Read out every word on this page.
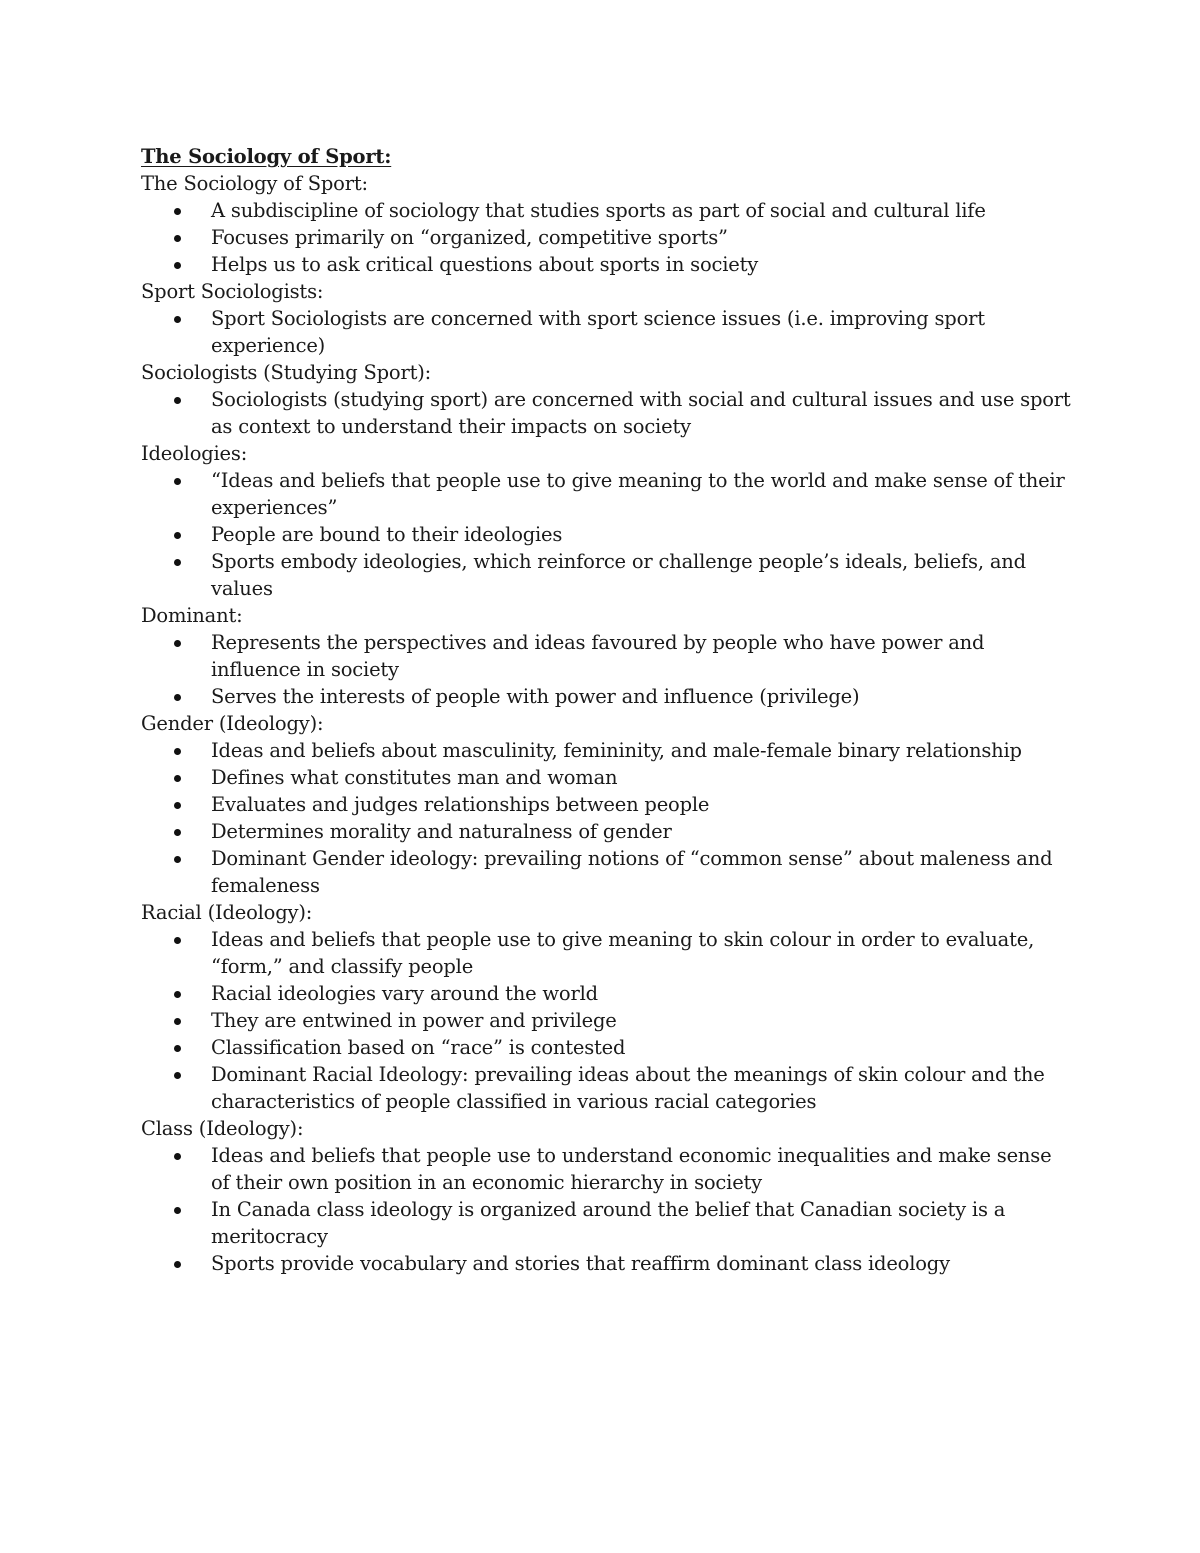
The Sociology of Sport:

The Sociology of Sport:

A subdiscipline of sociology that studies sports as part of social and cultural life
Focuses primarily on “organized, competitive sports”
Helps us to ask critical questions about sports in society

Sport Sociologists:

Sport Sociologists are concerned with sport science issues (i.e. improving sport experience)

Sociologists (Studying Sport):

Sociologists (studying sport) are concerned with social and cultural issues and use sport as context to understand their impacts on society

Ideologies:

“Ideas and beliefs that people use to give meaning to the world and make sense of their experiences”
People are bound to their ideologies
Sports embody ideologies, which reinforce or challenge people’s ideals, beliefs, and values

Dominant:

Represents the perspectives and ideas favoured by people who have power and influence in society
Serves the interests of people with power and influence (privilege)

Gender (Ideology):

Ideas and beliefs about masculinity, femininity, and male-female binary relationship
Defines what constitutes man and woman
Evaluates and judges relationships between people
Determines morality and naturalness of gender
Dominant Gender ideology: prevailing notions of “common sense” about maleness and femaleness

Racial (Ideology):

Ideas and beliefs that people use to give meaning to skin colour in order to evaluate, “form,” and classify people
Racial ideologies vary around the world
They are entwined in power and privilege
Classification based on “race” is contested
Dominant Racial Ideology: prevailing ideas about the meanings of skin colour and the characteristics of people classified in various racial categories

Class (Ideology):

Ideas and beliefs that people use to understand economic inequalities and make sense of their own position in an economic hierarchy in society
In Canada class ideology is organized around the belief that Canadian society is a meritocracy
Sports provide vocabulary and stories that reaffirm dominant class ideology
